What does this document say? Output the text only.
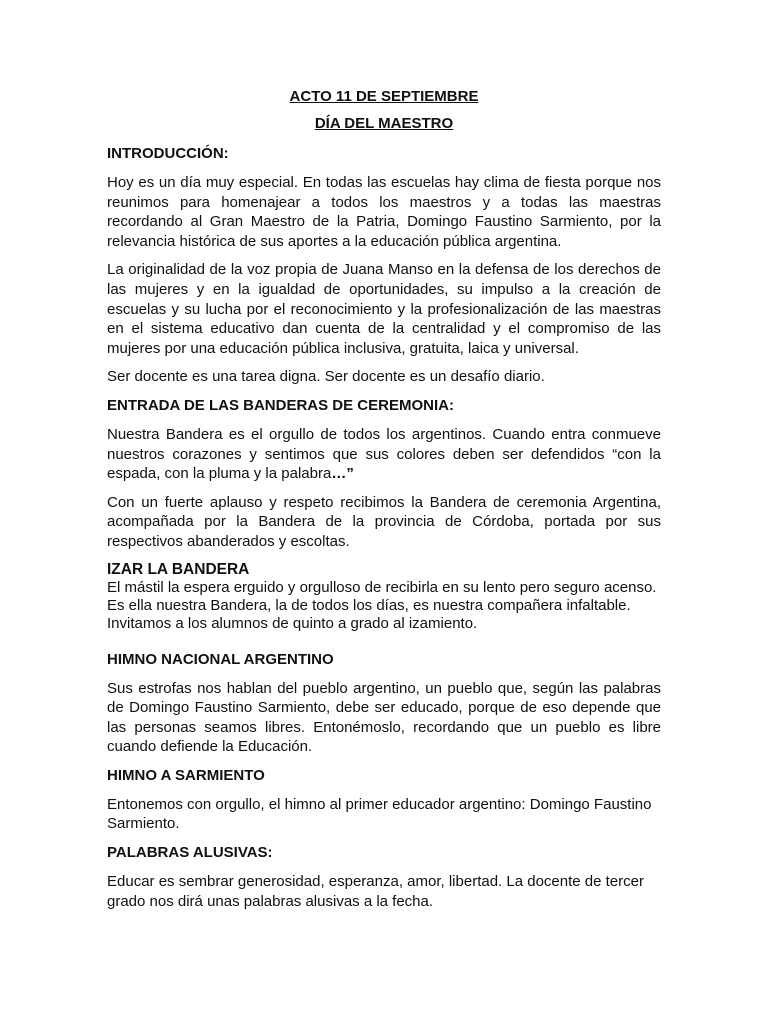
ACTO 11 DE SEPTIEMBRE

DÍA DEL MAESTRO

INTRODUCCIÓN:

Hoy es un día muy especial. En todas las escuelas hay clima de fiesta porque nos reunimos para homenajear a todos los maestros y a todas las maestras recordando al Gran Maestro de la Patria, Domingo Faustino Sarmiento, por la relevancia histórica de sus aportes a la educación pública argentina.

La originalidad de la voz propia de Juana Manso en la defensa de los derechos de las mujeres y en la igualdad de oportunidades, su impulso a la creación de escuelas y su lucha por el reconocimiento y la profesionalización de las maestras en el sistema educativo dan cuenta de la centralidad y el compromiso de las mujeres por una educación pública inclusiva, gratuita, laica y universal.

Ser docente es una tarea digna. Ser docente es un desafío diario.

ENTRADA DE LAS BANDERAS DE CEREMONIA:

Nuestra Bandera es el orgullo de todos los argentinos. Cuando entra conmueve nuestros corazones y sentimos que sus colores deben ser defendidos “con la espada, con la pluma y la palabra…”

Con un fuerte aplauso y respeto recibimos la Bandera de ceremonia Argentina, acompañada por la Bandera de la provincia de Córdoba, portada por sus respectivos abanderados y escoltas.

IZAR LA BANDERA

El mástil la espera erguido y orgulloso de recibirla en su lento pero seguro acenso.
Es ella nuestra Bandera, la de todos los días, es nuestra compañera infaltable.
Invitamos a los alumnos de quinto a grado al izamiento.

HIMNO NACIONAL ARGENTINO

Sus estrofas nos hablan del pueblo argentino, un pueblo que, según las palabras de Domingo Faustino Sarmiento, debe ser educado, porque de eso depende que las personas seamos libres. Entonémoslo, recordando que un pueblo es libre cuando defiende la Educación.

HIMNO A SARMIENTO

Entonemos con orgullo, el himno al primer educador argentino: Domingo Faustino Sarmiento.

PALABRAS ALUSIVAS:

Educar es sembrar generosidad, esperanza, amor, libertad. La docente de tercer grado nos dirá unas palabras alusivas a la fecha.
